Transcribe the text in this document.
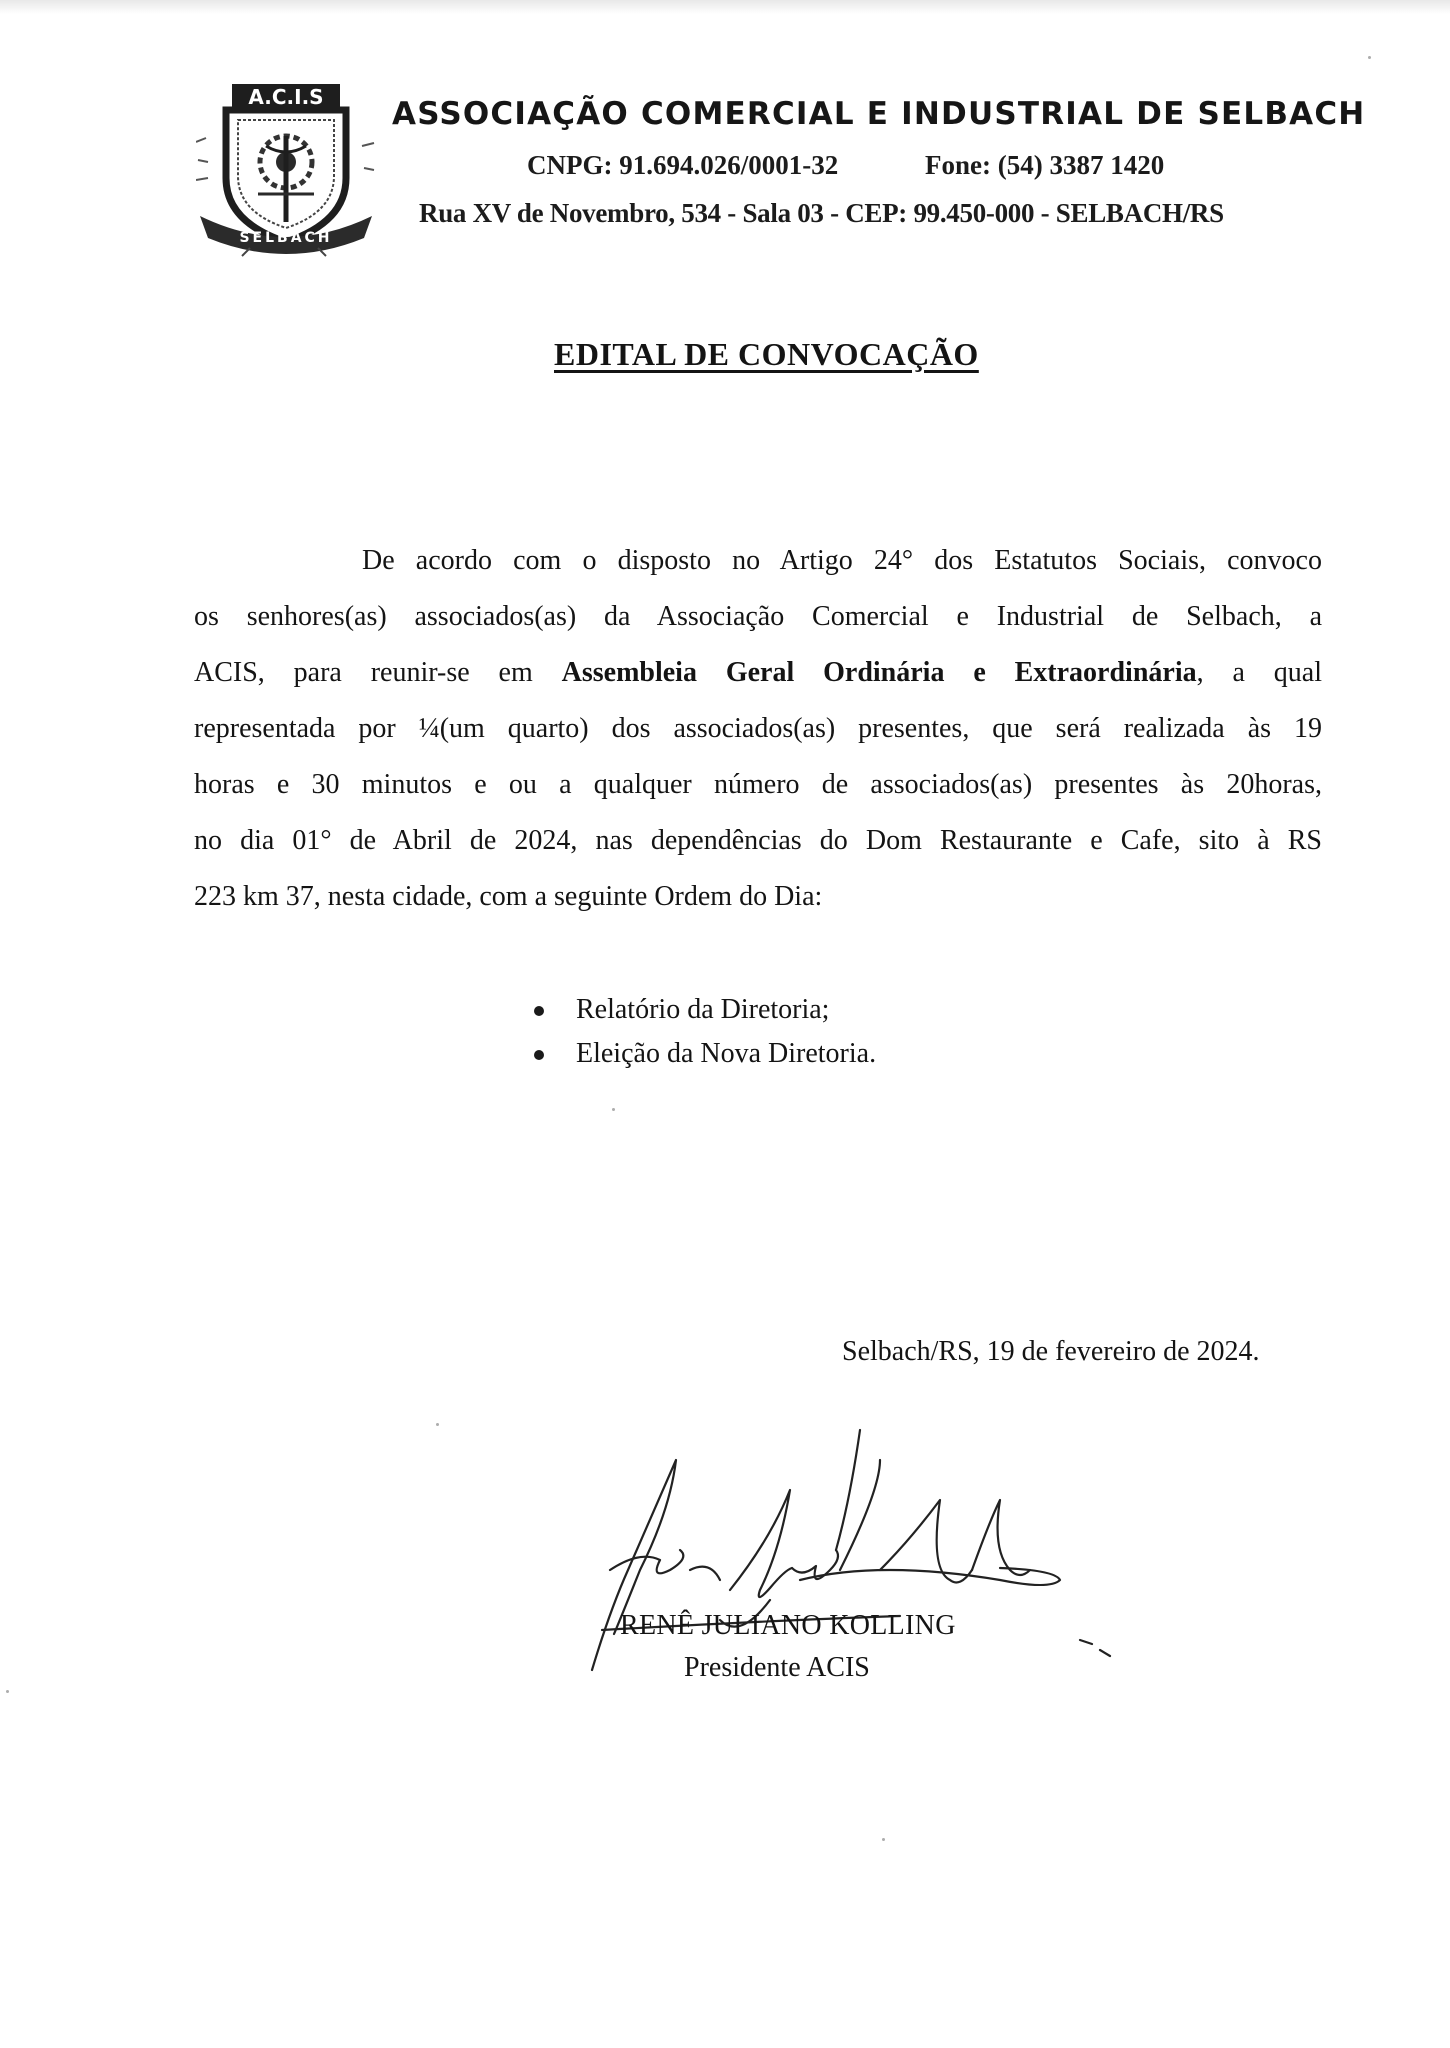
A.C.I.S
SELBACH
ASSOCIAÇÃO COMERCIAL E INDUSTRIAL DE SELBACH
CNPG: 91.694.026/0001-32	Fone: (54) 3387 1420
Rua XV de Novembro, 534 - Sala 03 - CEP: 99.450-000 - SELBACH/RS
EDITAL DE CONVOCAÇÃO
De acordo com o disposto no Artigo 24° dos Estatutos Sociais, convoco
os senhores(as) associados(as) da Associação Comercial e Industrial de Selbach, a
ACIS, para reunir-se em Assembleia Geral Ordinária e Extraordinária, a qual
representada por ¼(um quarto) dos associados(as) presentes, que será realizada às 19
horas e 30 minutos e ou a qualquer número de associados(as) presentes às 20horas,
no dia 01° de Abril de 2024, nas dependências do Dom Restaurante e Cafe, sito à RS
223 km 37, nesta cidade, com a seguinte Ordem do Dia:
Relatório da Diretoria;
Eleição da Nova Diretoria.
Selbach/RS, 19 de fevereiro de 2024.
RENÊ JULIANO KOLLING
Presidente ACIS
